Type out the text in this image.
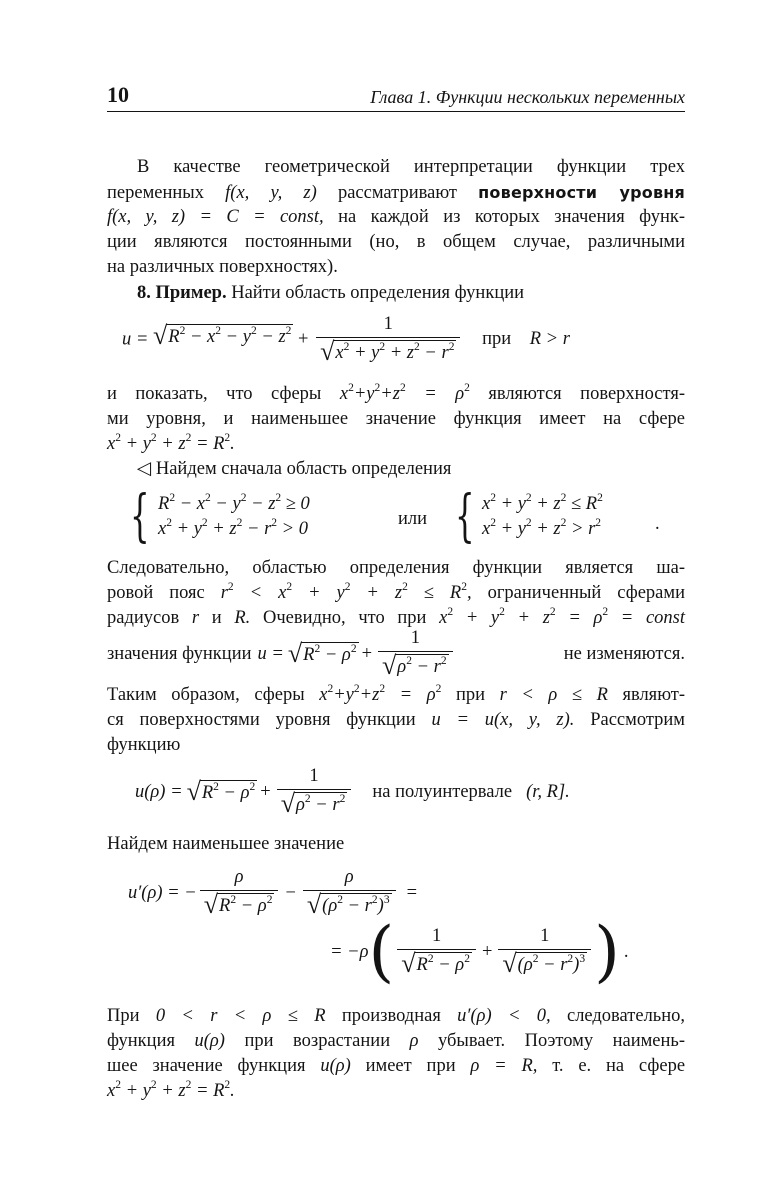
10	Глава 1. Функции нескольких переменных
В качестве геометрической интерпретации функции трех
переменных f(x, y, z) рассматривают поверхности уровня
f(x, y, z) = C = const, на каждой из которых значения функ-
ции являются постоянными (но, в общем случае, различными
на различных поверхностях).
8. Пример. Найти область определения функции
u = √ $R^2 - x^2 - y^2 - z^2 + \frac{1}{√ x^2 + y^2 + z^2 - r^2}$ при R > r
и показать, что сферы $x^2+y^2+z^2 = \rho^2$ являются поверхностя-
ми уровня, и наименьшее значение функция имеет на сфере
$x^2 + y^2 + z^2 = R^2$.
◁ Найдем сначала область определения
{ $R^2 - x^2 - y^2 - z^2 \ge 0$
$x^2 + y^2 + z^2 - r^2 > 0$	или { $x^2 + y^2 + z^2 \le R^2$
$x^2 + y^2 + z^2 > r^2$	.
Следовательно, областью определения функции является ша-
ровой пояс $r^2 < x^2 + y^2 + z^2 \le R^2$, ограниченный сферами
радиусов r и R. Очевидно, что при $x^2 + y^2 + z^2 = \rho^2$ = const
значения функции u = √ $R^2 - \rho^2 + \frac{1}{√ \rho^2 - r^2}$	не изменяются.
Таким образом, сферы $x^2+y^2+z^2 = \rho^2$ при r < ρ ≤ R являют-
ся поверхностями уровня функции u = u(x, y, z). Рассмотрим
функцию
u(ρ) = √ $R^2 - \rho^2 + \frac{1}{√ \rho^2 - r^2}$ на полуинтервале (r, R].
Найдем наименьшее значение
u′(ρ) = − $\frac{\rho}{√ R^2 - \rho^2} - \frac{\rho}{√ (\rho^2 - r^2)^3}$ =
= −ρ ( $\frac{1}{√ R^2 - \rho^2} + \frac{1}{√ (\rho^2 - r^2)^3}$ ) .
При 0 < r < ρ ≤ R производная u′(ρ) < 0, следовательно,
функция u(ρ) при возрастании ρ убывает. Поэтому наимень-
шее значение функция u(ρ) имеет при ρ = R, т. е. на сфере
$x^2 + y^2 + z^2 = R^2$.
